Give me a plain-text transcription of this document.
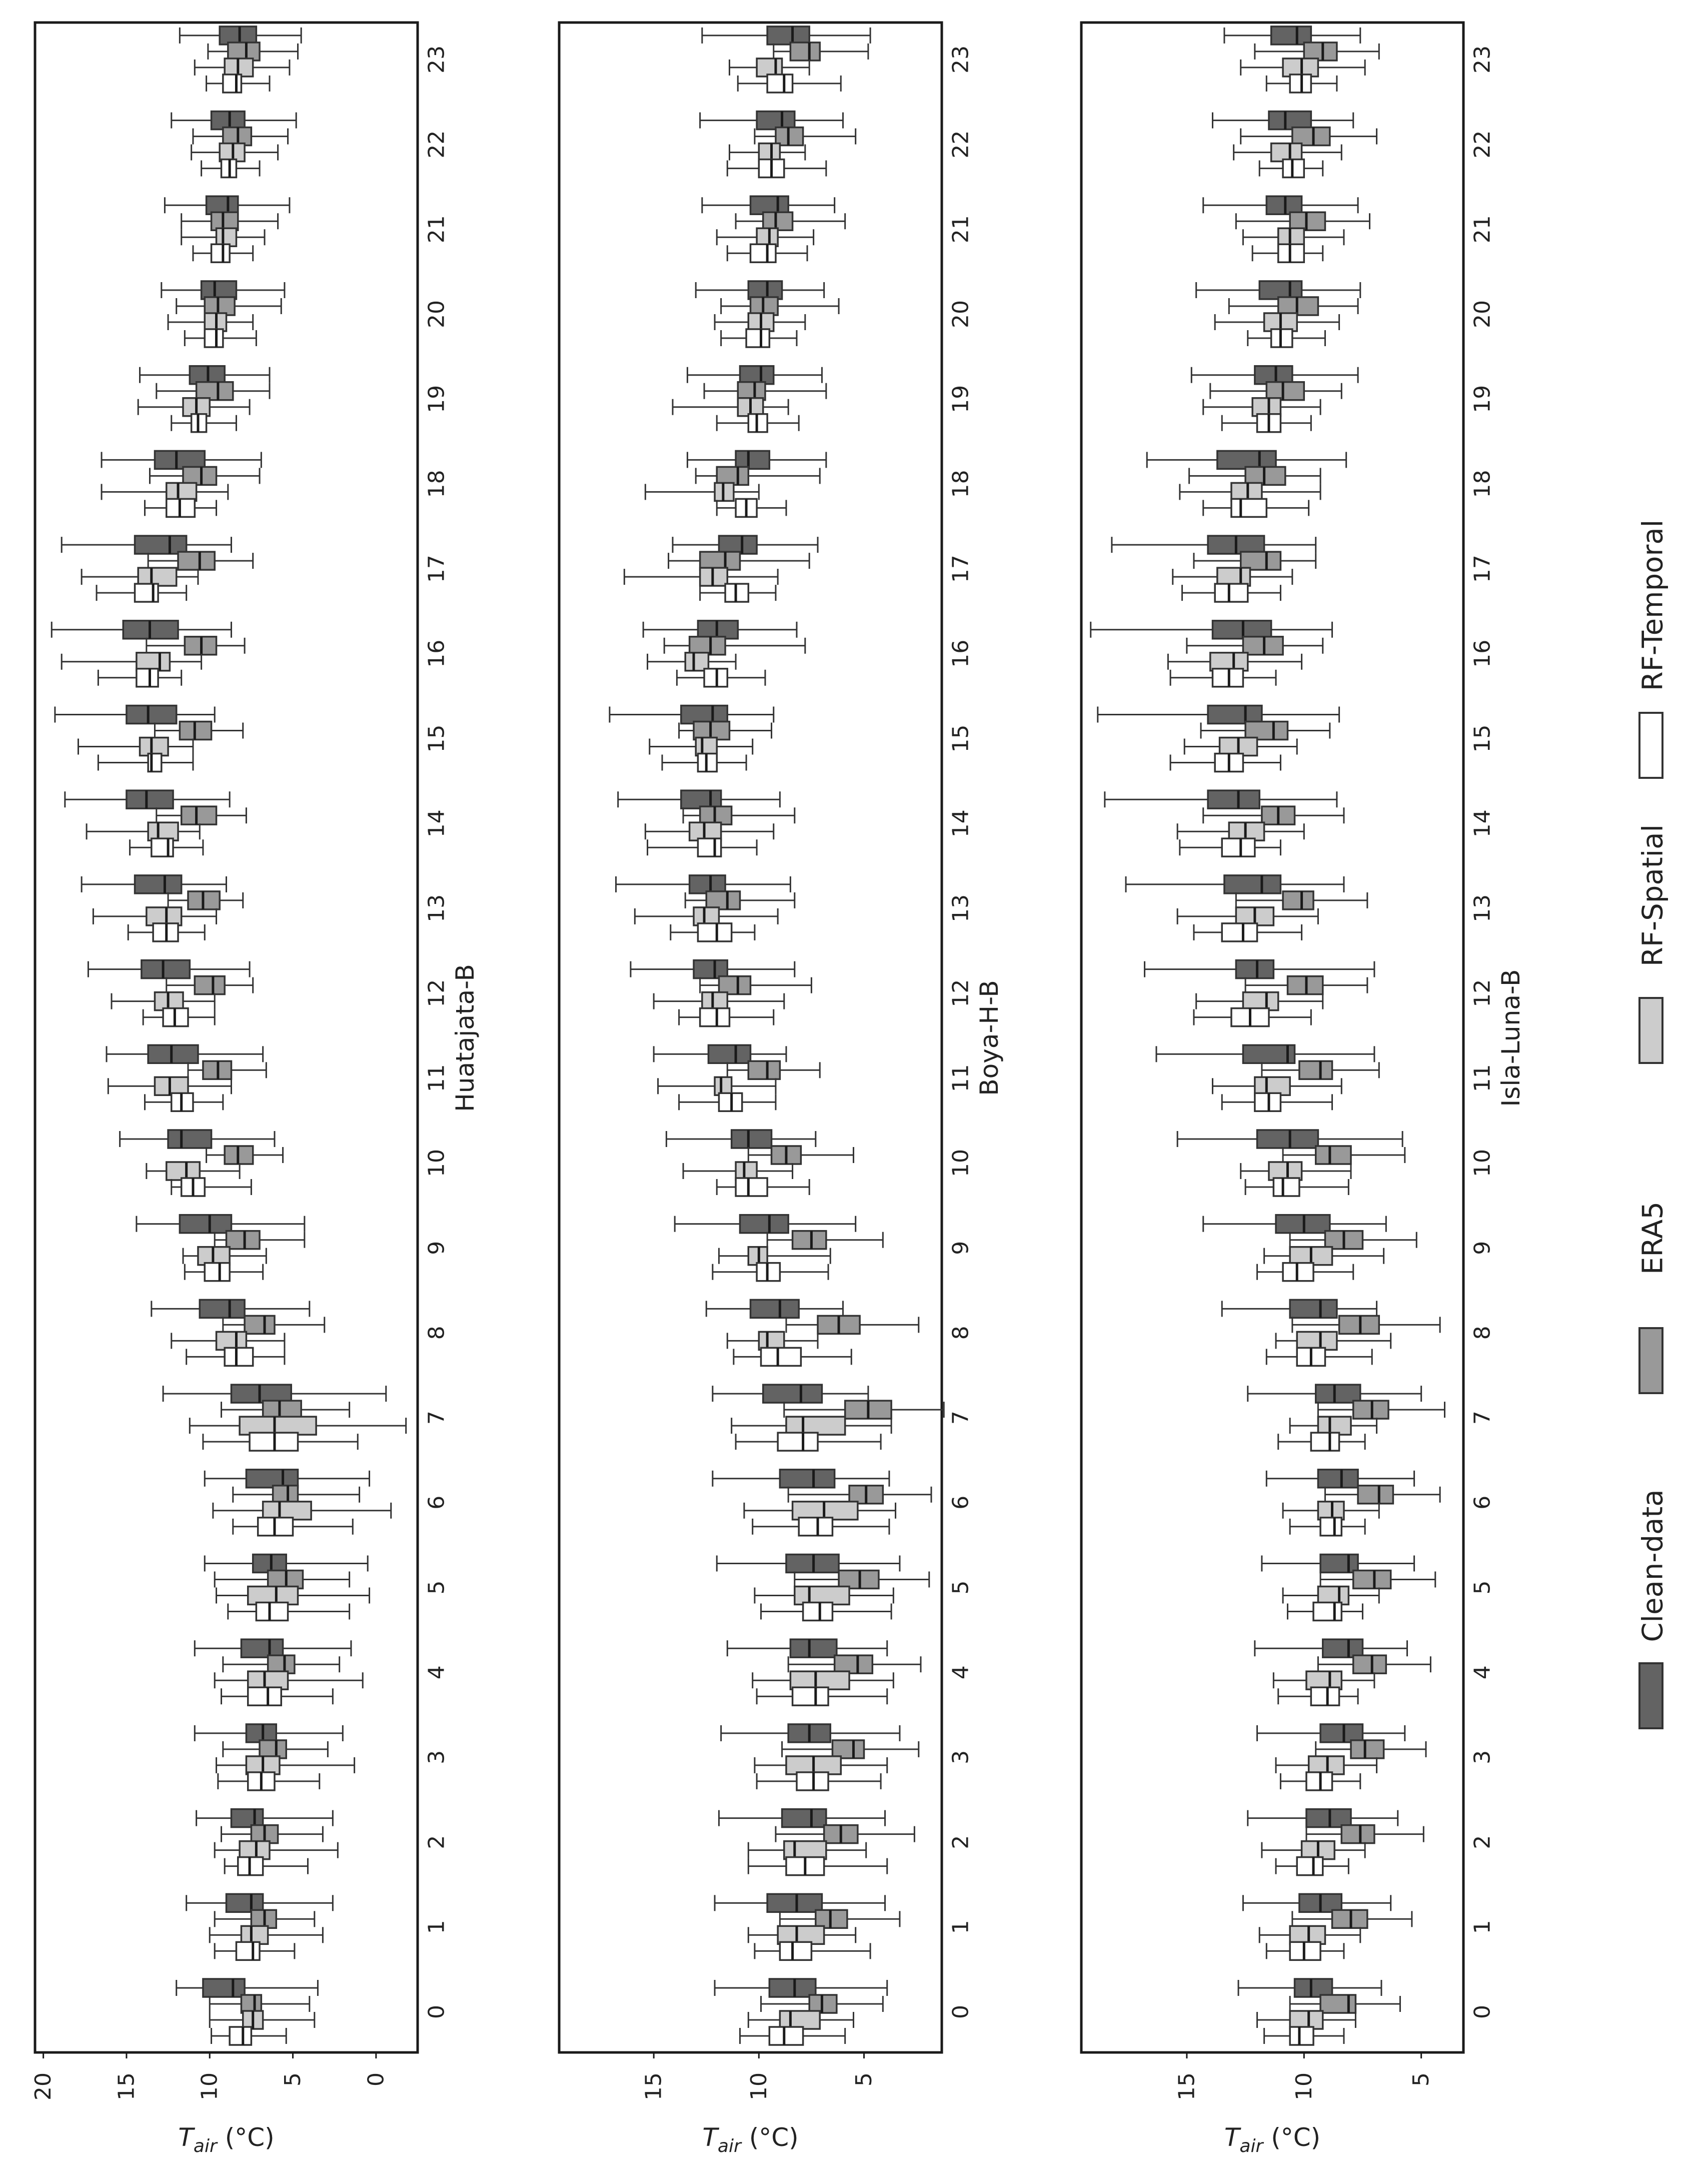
20	15	10	5	0
0
1
2
3
4
5
6
7
8
9
10
11
12
13
14
15
16
17
18
19
20
21
22
23
Huatajata-B
$T_{air}$ (°C)
15	10	5
0
1
2
3
4
5
6
7
8
9
10
11
12
13
14
15
16
17
18
19
20
21
22
23
Boya-H-B
$T_{air}$ (°C)
15	10	5
0
1
2
3
4
5
6
7
8
9
10
11
12
13
14
15
16
17
18
19
20
21
22
23
Isla-Luna-B
$T_{air}$ (°C)
Clean-data
ERA5
RF-Spatial
RF-Temporal
